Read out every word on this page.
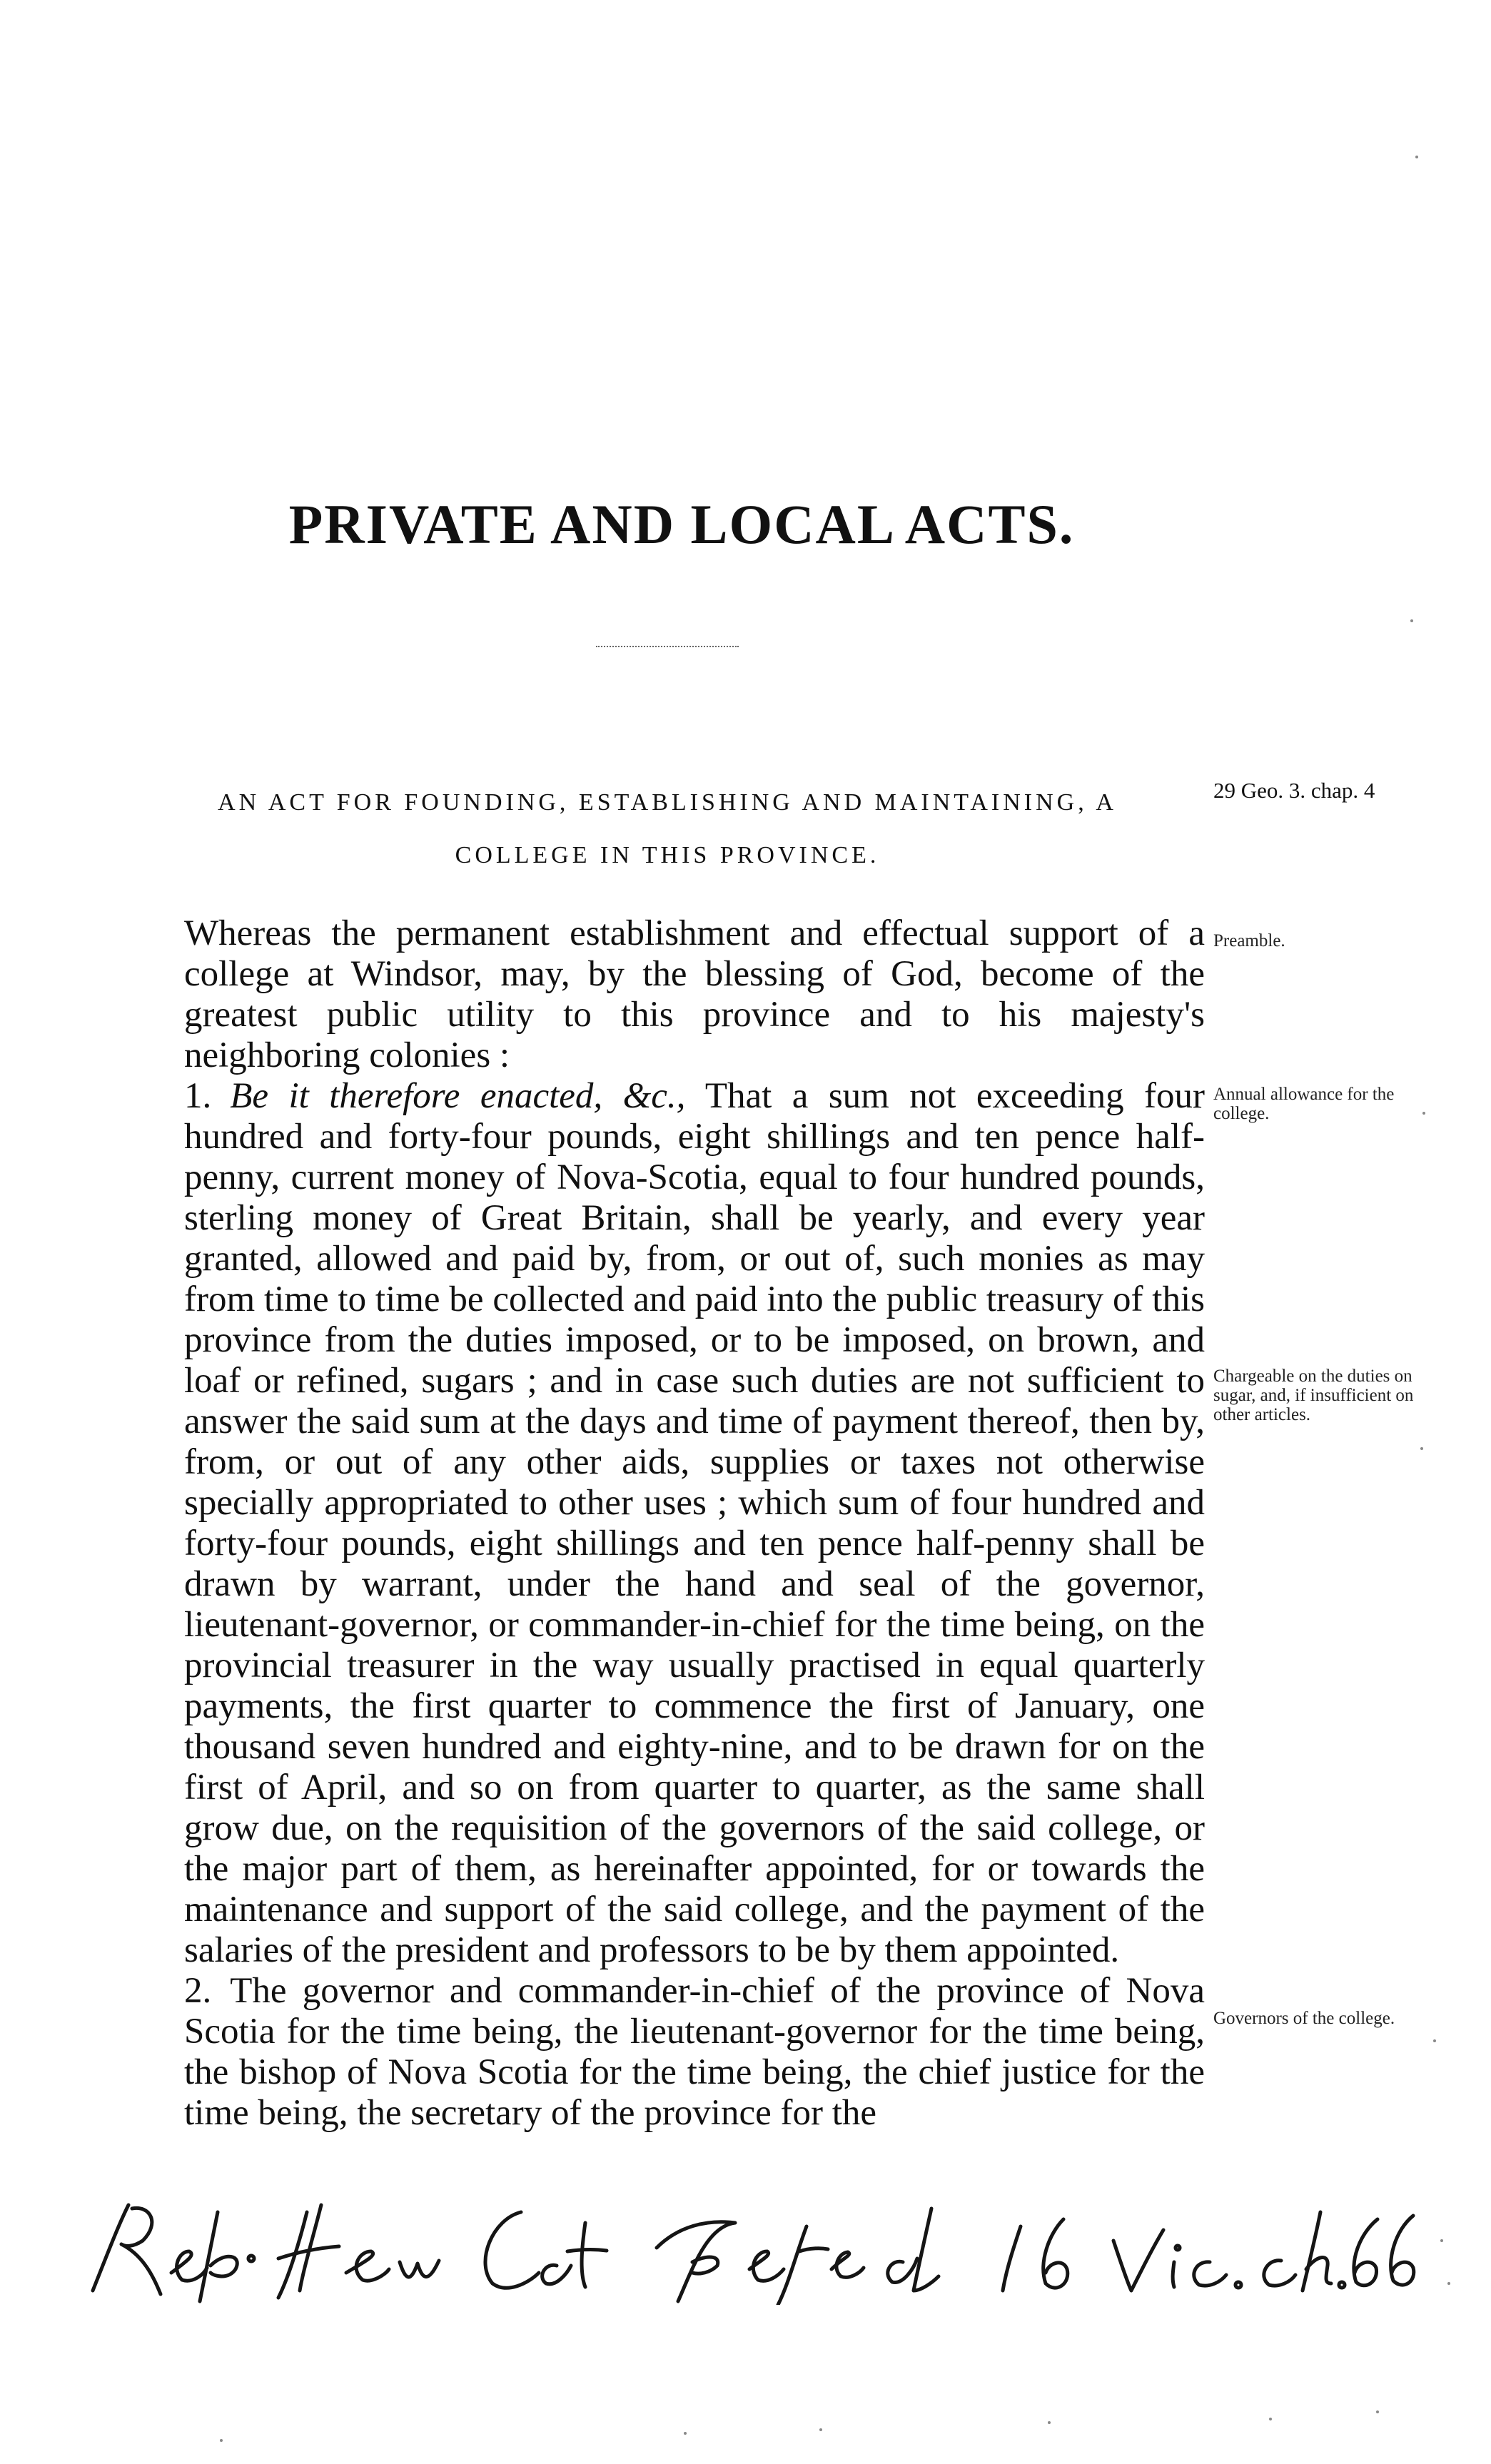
PRIVATE AND LOCAL ACTS.
AN ACT FOR FOUNDING, ESTABLISHING AND MAINTAINING, A
COLLEGE IN THIS PROVINCE.
29 Geo. 3. chap. 4

Whereas the permanent establishment and effectual support of a college at Windsor, may, by the blessing of God, become of the greatest public utility to this province and to his majesty's neighboring colonies :

1. Be it therefore enacted, &c., That a sum not exceeding four hundred and forty-four pounds, eight shillings and ten pence half-penny, current money of Nova-Scotia, equal to four hundred pounds, sterling money of Great Britain, shall be yearly, and every year granted, allowed and paid by, from, or out of, such monies as may from time to time be collected and paid into the public treasury of this province from the duties imposed, or to be imposed, on brown, and loaf or refined, sugars ; and in case such duties are not sufficient to answer the said sum at the days and time of payment thereof, then by, from, or out of any other aids, supplies or taxes not otherwise specially appropriated to other uses ; which sum of four hundred and forty-four pounds, eight shillings and ten pence half-penny shall be drawn by warrant, under the hand and seal of the governor, lieutenant-governor, or commander-in-chief for the time being, on the provincial treasurer in the way usually practised in equal quarterly payments, the first quarter to commence the first of January, one thousand seven hundred and eighty-nine, and to be drawn for on the first of April, and so on from quarter to quarter, as the same shall grow due, on the requisition of the governors of the said college, or the major part of them, as hereinafter appointed, for or towards the maintenance and support of the said college, and the payment of the salaries of the president and professors to be by them appointed.

2. The governor and commander-in-chief of the province of Nova Scotia for the time being, the lieutenant-governor for the time being, the bishop of Nova Scotia for the time being, the chief justice for the time being, the secretary of the province for the

Preamble.
Annual allowance for the college.
Chargeable on the duties on sugar, and, if insufficient on other articles.
Governors of the college.
